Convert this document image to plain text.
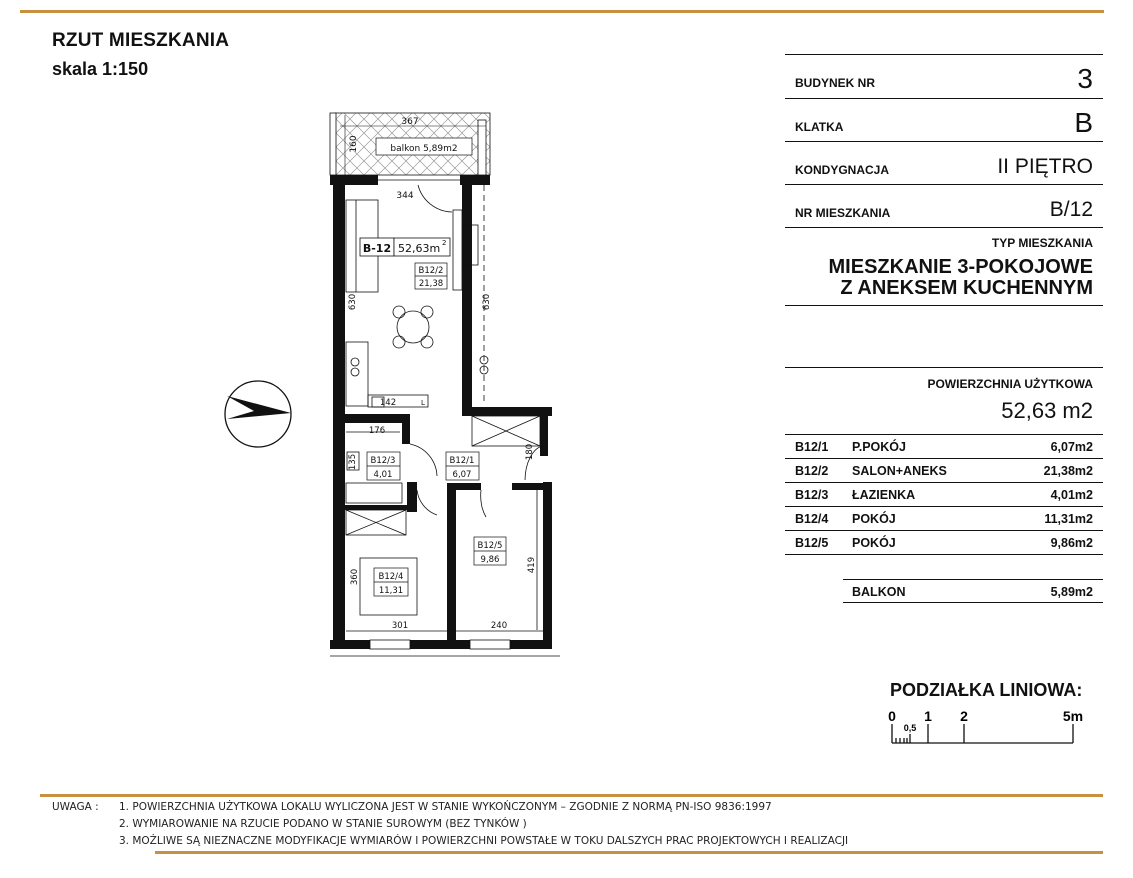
RZUT MIESZKANIA
skala 1:150
BUDYNEK NR	3
KLATKA	B
KONDYGNACJA	II PIĘTRO
NR MIESZKANIA	B/12
TYP MIESZKANIA
MIESZKANIE 3-POKOJOWE
Z ANEKSEM KUCHENNYM
POWIERZCHNIA UŻYTKOWA
52,63 m2
B12/1 P.POKÓJ	6,07m2
B12/2 SALON+ANEKS	21,38m2
B12/3 ŁAZIENKA	4,01m2
B12/4 POKÓJ	11,31m2
B12/5 POKÓJ	9,86m2
BALKON	5,89m2
PODZIAŁKA LINIOWA:
0
0,5
1 2	5m
balkon 5,89m2
367
160
B-12 52,63m 2
B12/2
21,38
B12/3
4,01
B12/1
6,07
B12/5
9,86
B12/4
11,31
344
630	630
176
135
142	L
180
360
301	240
419
UWAGA :	1. POWIERZCHNIA UŻYTKOWA LOKALU WYLICZONA JEST W STANIE WYKOŃCZONYM – ZGODNIE Z NORMĄ PN-ISO 9836:1997
2. WYMIAROWANIE NA RZUCIE PODANO W STANIE SUROWYM (BEZ TYNKÓW )
3. MOŻLIWE SĄ NIEZNACZNE MODYFIKACJE WYMIARÓW I POWIERZCHNI POWSTAŁE W TOKU DALSZYCH PRAC PROJEKTOWYCH I REALIZACJI
